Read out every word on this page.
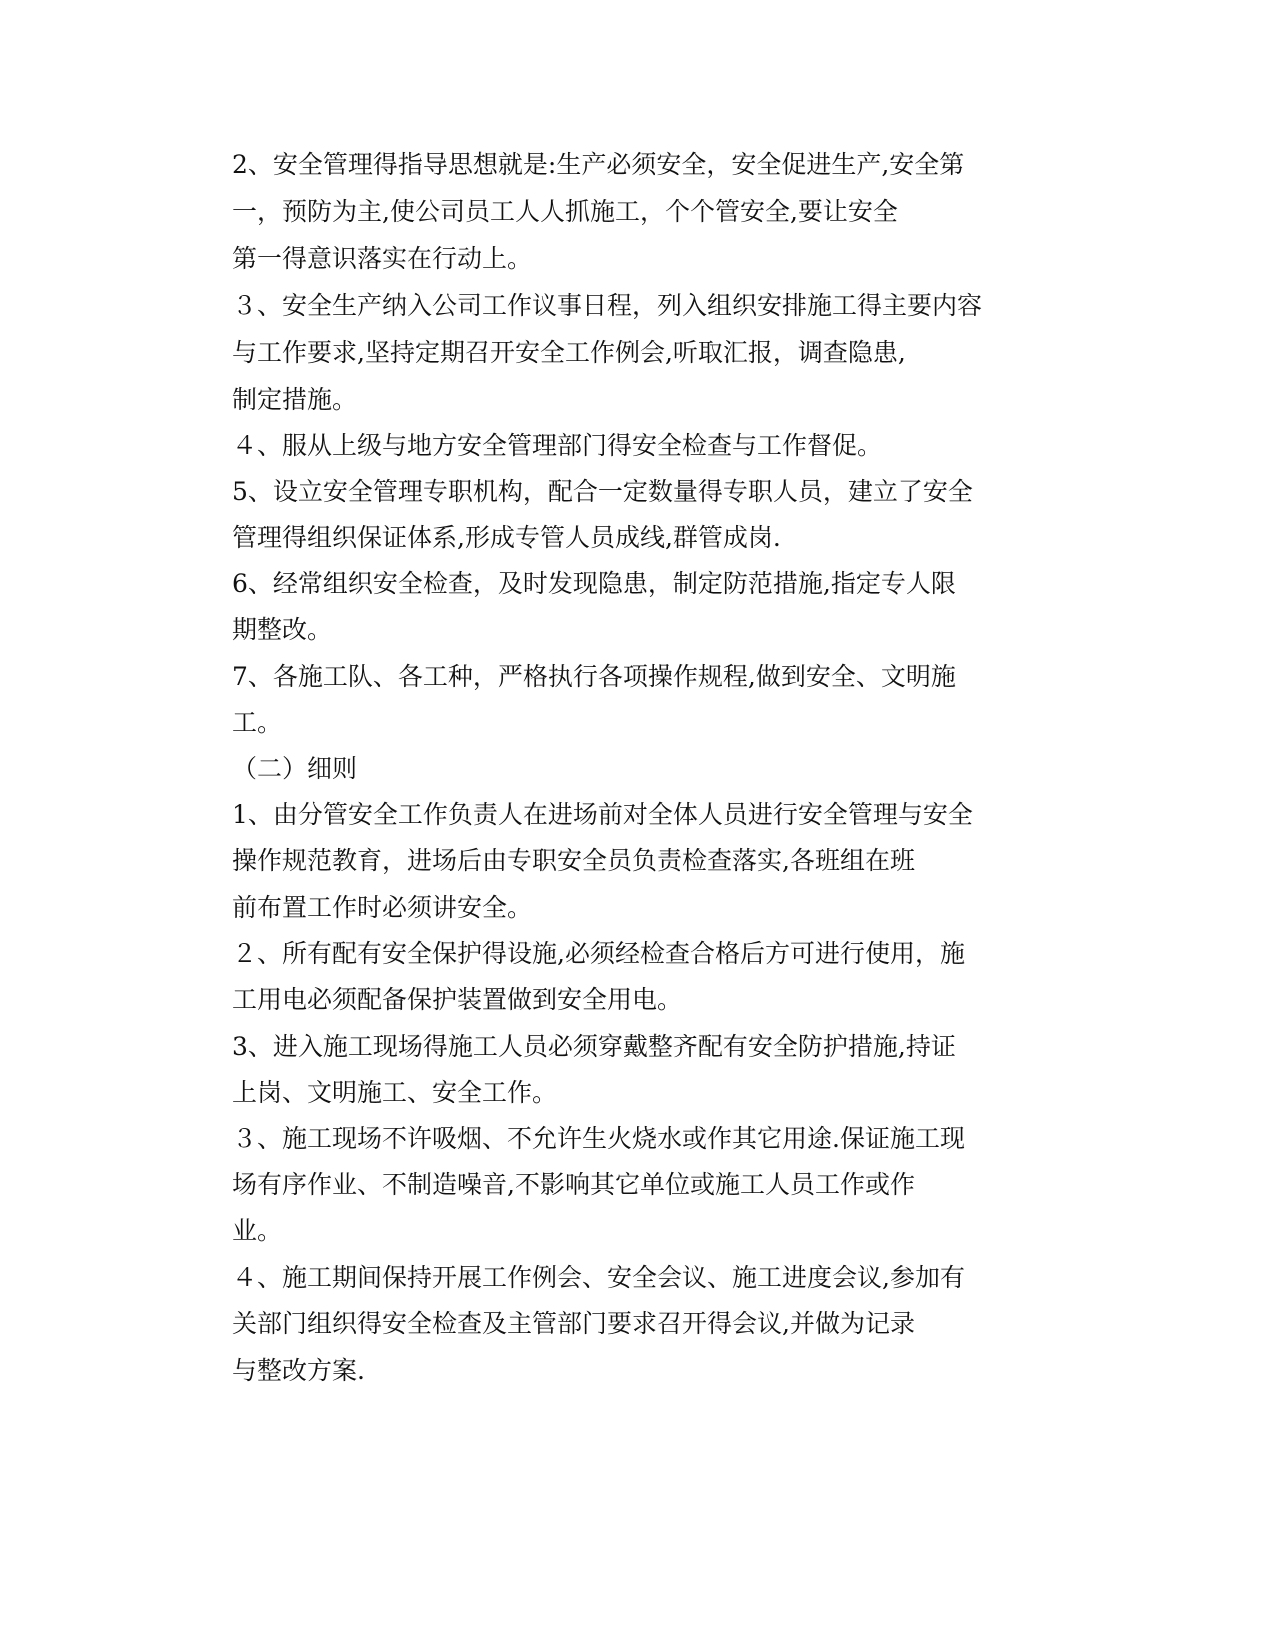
2、安全管理得指导思想就是:生产必须安全，安全促进生产,安全第
一，预防为主,使公司员工人人抓施工，个个管安全,要让安全
第一得意识落实在行动上。
３、安全生产纳入公司工作议事日程，列入组织安排施工得主要内容
与工作要求,坚持定期召开安全工作例会,听取汇报，调查隐患,
制定措施。
４、服从上级与地方安全管理部门得安全检查与工作督促。
5、设立安全管理专职机构，配合一定数量得专职人员，建立了安全
管理得组织保证体系,形成专管人员成线,群管成岗.
6、经常组织安全检查，及时发现隐患，制定防范措施,指定专人限
期整改。
7、各施工队、各工种，严格执行各项操作规程,做到安全、文明施
工。
（二）细则
1、由分管安全工作负责人在进场前对全体人员进行安全管理与安全
操作规范教育，进场后由专职安全员负责检查落实,各班组在班
前布置工作时必须讲安全。
２、所有配有安全保护得设施,必须经检查合格后方可进行使用，施
工用电必须配备保护装置做到安全用电。
3、进入施工现场得施工人员必须穿戴整齐配有安全防护措施,持证
上岗、文明施工、安全工作。
３、施工现场不许吸烟、不允许生火烧水或作其它用途.保证施工现
场有序作业、不制造噪音,不影响其它单位或施工人员工作或作
业。
４、施工期间保持开展工作例会、安全会议、施工进度会议,参加有
关部门组织得安全检查及主管部门要求召开得会议,并做为记录
与整改方案.
